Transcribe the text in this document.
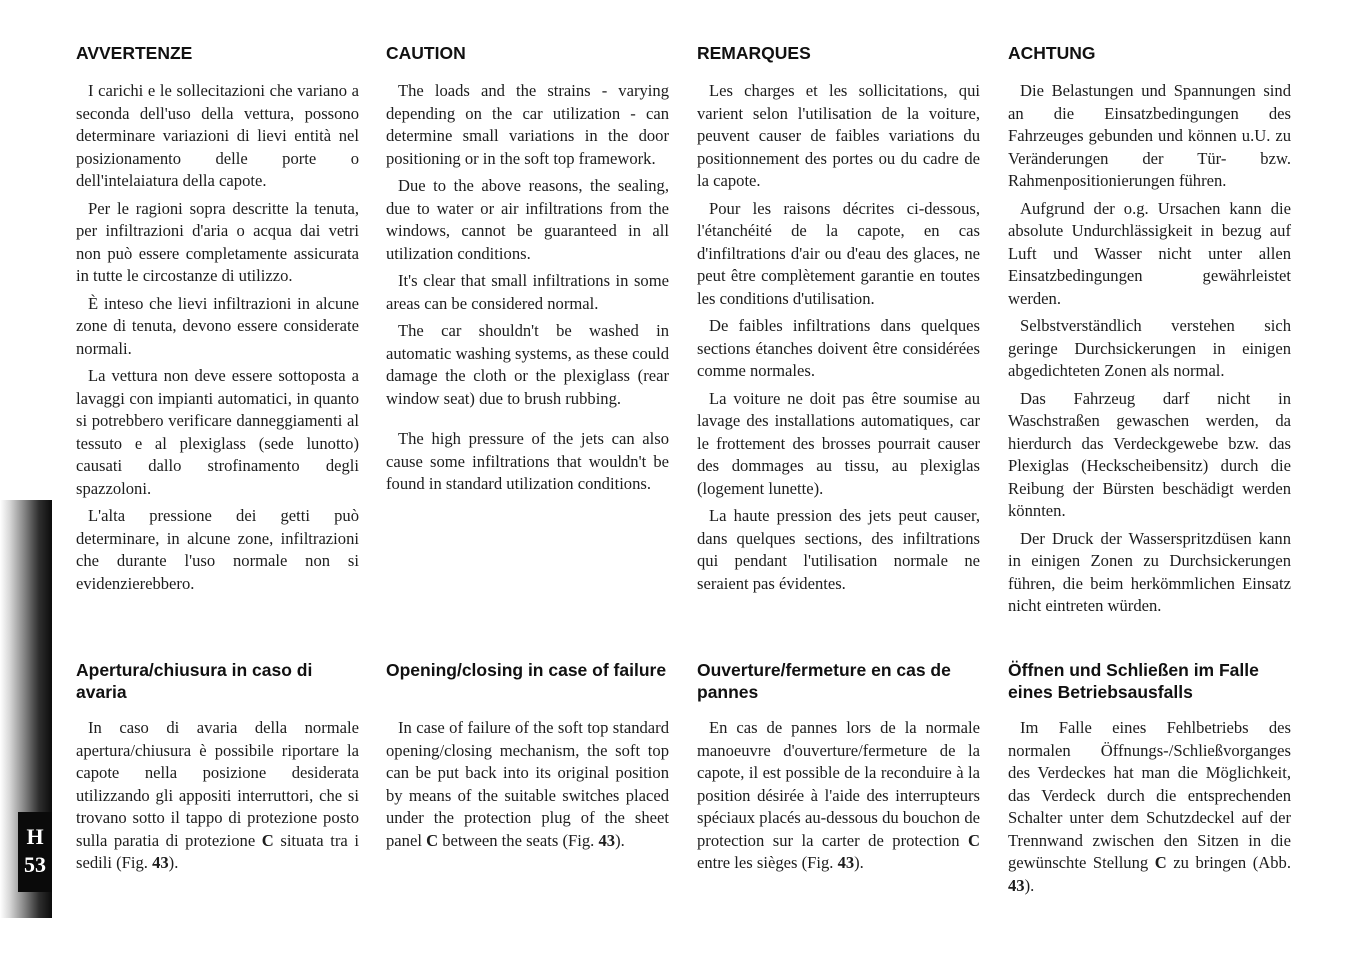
AVVERTENZE

I carichi e le sollecitazioni che variano a seconda dell'uso della vettura, possono determinare variazioni di lievi entità nel posizionamento delle porte o dell'intelaiatura della capote.

Per le ragioni sopra descritte la tenuta, per infiltrazioni d'aria o acqua dai vetri non può essere completamente assicurata in tutte le circostanze di utilizzo.

È inteso che lievi infiltrazioni in alcune zone di tenuta, devono essere considerate normali.

La vettura non deve essere sottoposta a lavaggi con impianti automatici, in quanto si potrebbero verificare danneggiamenti al tessuto e al plexiglass (sede lunotto) causati dallo strofinamento degli spazzoloni.

L'alta pressione dei getti può determinare, in alcune zone, infiltrazioni che durante l'uso normale non si evidenzierebbero.

Apertura/chiusura in caso di avaria

In caso di avaria della normale apertura/chiusura è possibile riportare la capote nella posizione desiderata utilizzando gli appositi interruttori, che si trovano sotto il tappo di protezione posto sulla paratia di protezione C situata tra i sedili (Fig. 43).

CAUTION

The loads and the strains - varying depending on the car utilization - can determine small variations in the door positioning or in the soft top framework.

Due to the above reasons, the sealing, due to water or air infiltrations from the windows, cannot be guaranteed in all utilization conditions.

It's clear that small infiltrations in some areas can be considered normal.

The car shouldn't be washed in automatic washing systems, as these could damage the cloth or the plexiglass (rear window seat) due to brush rubbing.

The high pressure of the jets can also cause some infiltrations that wouldn't be found in standard utilization conditions.

Opening/closing in case of failure

In case of failure of the soft top standard opening/closing mechanism, the soft top can be put back into its original position by means of the suitable switches placed under the protection plug of the sheet panel C between the seats (Fig. 43).

REMARQUES

Les charges et les sollicitations, qui varient selon l'utilisation de la voiture, peuvent causer de faibles variations du positionnement des portes ou du cadre de la capote.

Pour les raisons décrites ci-dessous, l'étanchéité de la capote, en cas d'infiltrations d'air ou d'eau des glaces, ne peut être complètement garantie en toutes les conditions d'utilisation.

De faibles infiltrations dans quelques sections étanches doivent être considérées comme normales.

La voiture ne doit pas être soumise au lavage des installations automatiques, car le frottement des brosses pourrait causer des dommages au tissu, au plexiglas (logement lunette).

La haute pression des jets peut causer, dans quelques sections, des infiltrations qui pendant l'utilisation normale ne seraient pas évidentes.

Ouverture/fermeture en cas de pannes

En cas de pannes lors de la normale manoeuvre d'ouverture/fermeture de la capote, il est possible de la reconduire à la position désirée à l'aide des interrupteurs spéciaux placés au-dessous du bouchon de protection sur la carter de protection C entre les sièges (Fig. 43).

ACHTUNG

Die Belastungen und Spannungen sind an die Einsatzbedingungen des Fahrzeuges gebunden und können u.U. zu Veränderungen der Tür- bzw. Rahmenpositionierungen führen.

Aufgrund der o.g. Ursachen kann die absolute Undurchlässigkeit in bezug auf Luft und Wasser nicht unter allen Einsatzbedingungen gewährleistet werden.

Selbstverständlich verstehen sich geringe Durchsickerungen in einigen abgedichteten Zonen als normal.

Das Fahrzeug darf nicht in Waschstraßen gewaschen werden, da hierdurch das Verdeckgewebe bzw. das Plexiglas (Heckscheibensitz) durch die Reibung der Bürsten beschädigt werden könnten.

Der Druck der Wasserspritzdüsen kann in einigen Zonen zu Durchsickerungen führen, die beim herkömmlichen Einsatz nicht eintreten würden.

Öffnen und Schließen im Falle eines Betriebsausfalls

Im Falle eines Fehlbetriebs des normalen Öffnungs-/Schließvorganges des Verdeckes hat man die Möglichkeit, das Verdeck durch die entsprechenden Schalter unter dem Schutzdeckel auf der Trennwand zwischen den Sitzen in die gewünschte Stellung C zu bringen (Abb. 43).

H
53
